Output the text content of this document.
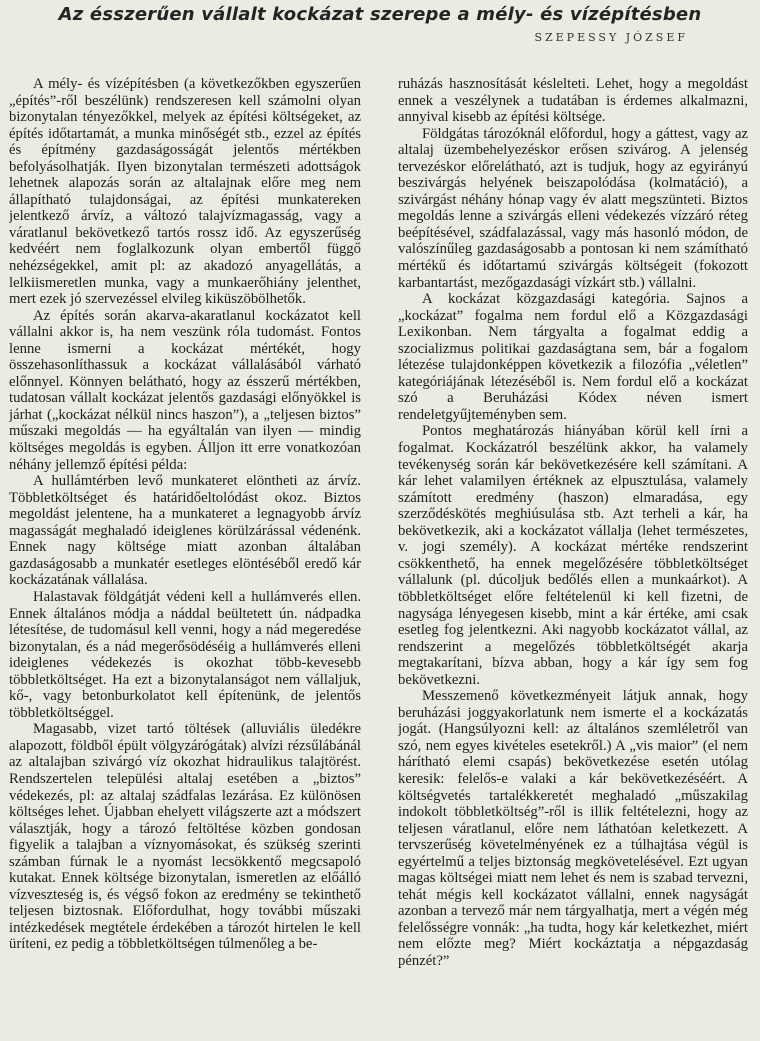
Az ésszerűen vállalt kockázat szerepe a mély- és vízépítésben
SZEPESSY JÓZSEF

A mély- és vízépítésben (a következőkben egyszerűen „építés”-ről beszélünk) rendszeresen kell számolni olyan bizonytalan tényezőkkel, melyek az építési költségeket, az építés időtartamát, a munka minőségét stb., ezzel az építés és építmény gazdaságosságát jelentős mértékben befolyásolhatják. Ilyen bizonytalan természeti adottságok lehetnek alapozás során az altalajnak előre meg nem állapítható tulajdonságai, az építési munkatereken jelentkező árvíz, a változó talajvízmagasság, vagy a váratlanul bekövetkező tartós rossz idő. Az egyszerűség kedvéért nem foglalkozunk olyan embertől függő nehézségekkel, amit pl: az akadozó anyagellátás, a lelkiismeretlen munka, vagy a munkaerőhiány jelenthet, mert ezek jó szervezéssel elvileg kiküszöbölhetők.

Az építés során akarva-akaratlanul kockázatot kell vállalni akkor is, ha nem veszünk róla tudomást. Fontos lenne ismerni a kockázat mértékét, hogy összehasonlíthassuk a kockázat vállalásából várható előnnyel. Könnyen belátható, hogy az ésszerű mértékben, tudatosan vállalt kockázat jelentős gazdasági előnyökkel is járhat („kockázat nélkül nincs haszon”), a „teljesen biztos” műszaki megoldás — ha egyáltalán van ilyen — mindig költséges megoldás is egyben. Álljon itt erre vonatkozóan néhány jellemző építési példa:

A hullámtérben levő munkateret elöntheti az árvíz. Többletköltséget és határidőeltolódást okoz. Biztos megoldást jelentene, ha a munkateret a legnagyobb árvíz magasságát meghaladó ideiglenes körülzárással védenénk. Ennek nagy költsége miatt azonban általában gazdaságosabb a munkatér esetleges elöntéséből eredő kár kockázatának vállalása.

Halastavak földgátját védeni kell a hullámverés ellen. Ennek általános módja a náddal beültetett ún. nádpadka létesítése, de tudomásul kell venni, hogy a nád megeredése bizonytalan, és a nád megerősödéséig a hullámverés elleni ideiglenes védekezés is okozhat több-kevesebb többletköltséget. Ha ezt a bizonytalanságot nem vállaljuk, kő-, vagy betonburkolatot kell építenünk, de jelentős többletköltséggel.

Magasabb, vizet tartó töltések (alluviális üledékre alapozott, földből épült völgyzárógátak) alvízi rézsűlábánál az altalajban szivárgó víz okozhat hidraulikus talajtörést. Rendszertelen települési altalaj esetében a „biztos” védekezés, pl: az altalaj szádfalas lezárása. Ez különösen költséges lehet. Újabban ehelyett világszerte azt a módszert választják, hogy a tározó feltöltése közben gondosan figyelik a talajban a víznyomásokat, és szükség szerinti számban fúrnak le a nyomást lecsökkentő megcsapoló kutakat. Ennek költsége bizonytalan, ismeretlen az előálló vízveszteség is, és végső fokon az eredmény se tekinthető teljesen biztosnak. Előfordulhat, hogy további műszaki intézkedések megtétele érdekében a tározót hirtelen le kell üríteni, ez pedig a többletköltségen túlmenőleg a be-

ruházás hasznosítását késlelteti. Lehet, hogy a megoldást ennek a veszélynek a tudatában is érdemes alkalmazni, annyival kisebb az építési költsége.

Földgátas tározóknál előfordul, hogy a gáttest, vagy az altalaj üzembehelyezéskor erősen szivárog. A jelenség tervezéskor előrelátható, azt is tudjuk, hogy az egyirányú beszivárgás helyének beiszapolódása (kolmatáció), a szivárgást néhány hónap vagy év alatt megszünteti. Biztos megoldás lenne a szivárgás elleni védekezés vízzáró réteg beépítésével, szádfalazással, vagy más hasonló módon, de valószínűleg gazdaságosabb a pontosan ki nem számítható mértékű és időtartamú szivárgás költségeit (fokozott karbantartást, mezőgazdasági vízkárt stb.) vállalni.

A kockázat közgazdasági kategória. Sajnos a „kockázat” fogalma nem fordul elő a Közgazdasági Lexikonban. Nem tárgyalta a fogalmat eddig a szocializmus politikai gazdaságtana sem, bár a fogalom létezése tulajdonképpen következik a filozófia „véletlen” kategóriájának létezéséből is. Nem fordul elő a kockázat szó a Beruházási Kódex néven ismert rendeletgyűjteményben sem.

Pontos meghatározás hiányában körül kell írni a fogalmat. Kockázatról beszélünk akkor, ha valamely tevékenység során kár bekövetkezésére kell számítani. A kár lehet valamilyen értéknek az elpusztulása, valamely számított eredmény (haszon) elmaradása, egy szerződéskötés meghiúsulása stb. Azt terheli a kár, ha bekövetkezik, aki a kockázatot vállalja (lehet természetes, v. jogi személy). A kockázat mértéke rendszerint csökkenthető, ha ennek megelőzésére többletköltséget vállalunk (pl. dúcoljuk bedőlés ellen a munkaárkot). A többletköltséget előre feltételenül ki kell fizetni, de nagysága lényegesen kisebb, mint a kár értéke, ami csak esetleg fog jelentkezni. Aki nagyobb kockázatot vállal, az rendszerint a megelőzés többletköltségét akarja megtakarítani, bízva abban, hogy a kár így sem fog bekövetkezni.

Messzemenő következményeit látjuk annak, hogy beruházási joggyakorlatunk nem ismerte el a kockázatás jogát. (Hangsúlyozni kell: az általános szemléletről van szó, nem egyes kivételes esetekről.) A „vis maior” (el nem hárítható elemi csapás) bekövetkezése esetén utólag keresik: felelős-e valaki a kár bekövetkezéséért. A költségvetés tartalékkeretét meghaladó „műszakilag indokolt többletköltség”-ről is illik feltételezni, hogy az teljesen váratlanul, előre nem láthatóan keletkezett. A tervszerűség követelményének ez a túlhajtása végül is egyértelmű a teljes biztonság megkövetelésével. Ezt ugyan magas költségei miatt nem lehet és nem is szabad tervezni, tehát mégis kell kockázatot vállalni, ennek nagyságát azonban a tervező már nem tárgyalhatja, mert a végén még felelősségre vonnák: „ha tudta, hogy kár keletkezhet, miért nem előzte meg? Miért kockáztatja a népgazdaság pénzét?”
